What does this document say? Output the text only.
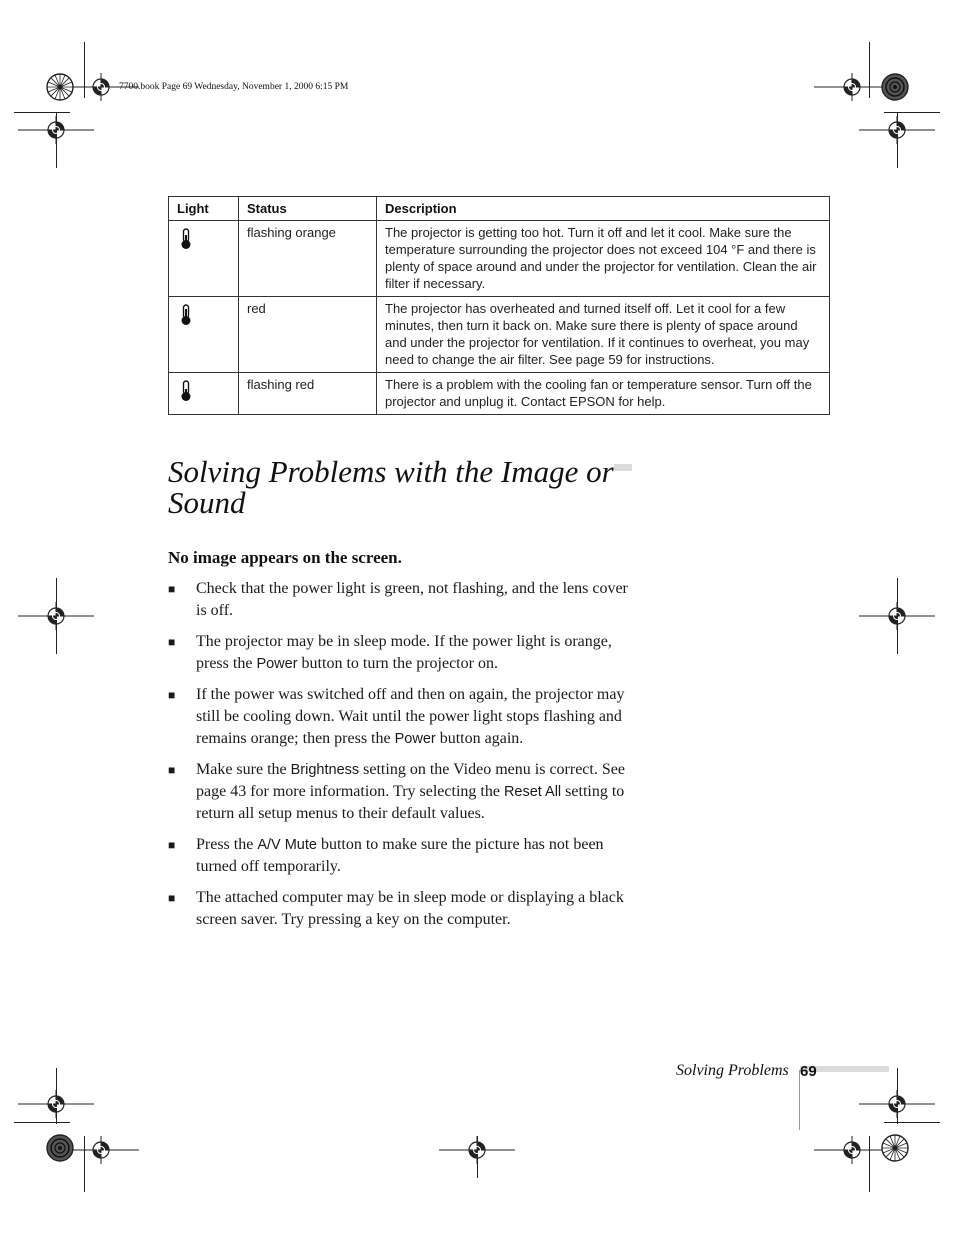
7700.book Page 69 Wednesday, November 1, 2000 6:15 PM
Light	Status	Description

	flashing orange	The projector is getting too hot. Turn it off and let it cool. Make sure the temperature surrounding the projector does not exceed 104 °F and there is plenty of space around and under the projector for ventilation. Clean the air filter if necessary.

	red	The projector has overheated and turned itself off. Let it cool for a few minutes, then turn it back on. Make sure there is plenty of space around and under the projector for ventilation. If it continues to overheat, you may need to change the air filter. See page 59 for instructions.

	flashing red	There is a problem with the cooling fan or temperature sensor. Turn off the projector and unplug it. Contact EPSON for help.
Solving Problems with the Image or Sound
No image appears on the screen.
■ Check that the power light is green, not flashing, and the lens cover is off.
■ The projector may be in sleep mode. If the power light is orange, press the Power button to turn the projector on.
■ If the power was switched off and then on again, the projector may still be cooling down. Wait until the power light stops flashing and remains orange; then press the Power button again.
■ Make sure the Brightness setting on the Video menu is correct. See page 43 for more information. Try selecting the Reset All setting to return all setup menus to their default values.
■ Press the A/V Mute button to make sure the picture has not been turned off temporarily.
■ The attached computer may be in sleep mode or displaying a black screen saver. Try pressing a key on the computer.
Solving Problems 69
